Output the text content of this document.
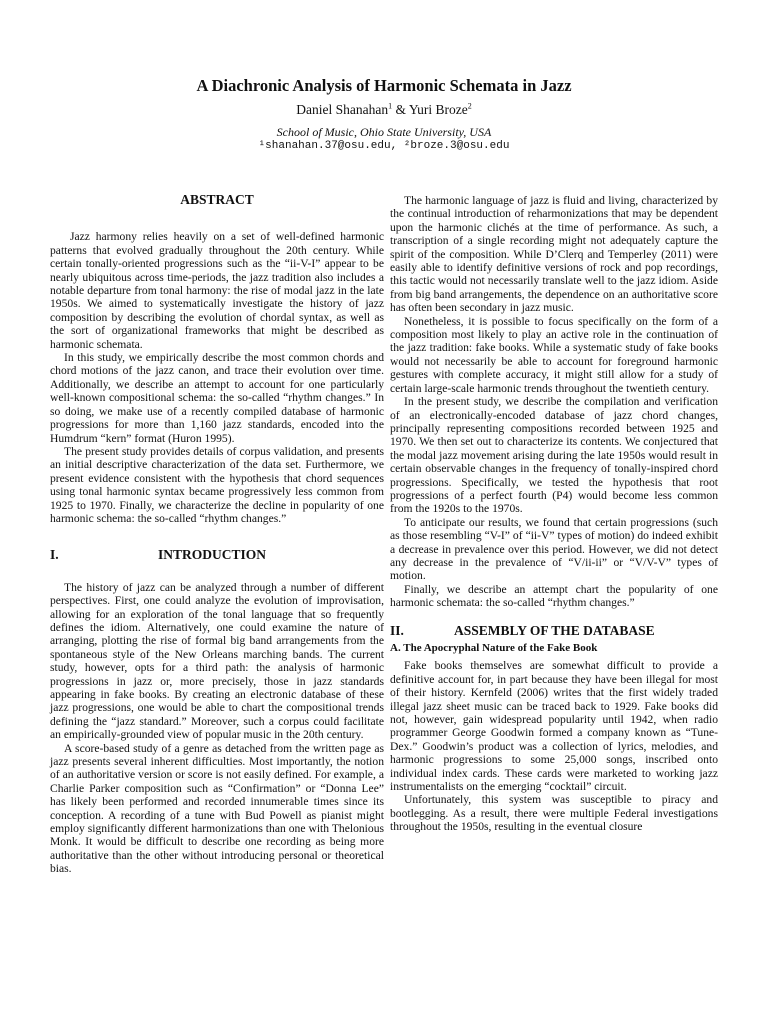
A Diachronic Analysis of Harmonic Schemata in Jazz
Daniel Shanahan$^1$ & Yuri Broze$^2$
School of Music, Ohio State University, USA
¹shanahan.37@osu.edu, ²broze.3@osu.edu
ABSTRACT

Jazz harmony relies heavily on a set of well-defined harmonic patterns that evolved gradually throughout the 20th century. While certain tonally-oriented progressions such as the “ii-V-I” appear to be nearly ubiquitous across time-periods, the jazz tradition also includes a notable departure from tonal harmony: the rise of modal jazz in the late 1950s. We aimed to systematically investigate the history of jazz composition by describing the evolution of chordal syntax, as well as the sort of organizational frameworks that might be described as harmonic schemata.

In this study, we empirically describe the most common chords and chord motions of the jazz canon, and trace their evolution over time. Additionally, we describe an attempt to account for one particularly well-known compositional schema: the so-called “rhythm changes.” In so doing, we make use of a recently compiled database of harmonic progressions for more than 1,160 jazz standards, encoded into the Humdrum “kern” format (Huron 1995).

The present study provides details of corpus validation, and presents an initial descriptive characterization of the data set. Furthermore, we present evidence consistent with the hypothesis that chord sequences using tonal harmonic syntax became progressively less common from 1925 to 1970. Finally, we characterize the decline in popularity of one harmonic schema: the so-called “rhythm changes.”

I.	INTRODUCTION

The history of jazz can be analyzed through a number of different perspectives. First, one could analyze the evolution of improvisation, allowing for an exploration of the tonal language that so frequently defines the idiom. Alternatively, one could examine the nature of arranging, plotting the rise of formal big band arrangements from the spontaneous style of the New Orleans marching bands. The current study, however, opts for a third path: the analysis of harmonic progressions in jazz or, more precisely, those in jazz standards appearing in fake books. By creating an electronic database of these jazz progressions, one would be able to chart the compositional trends defining the “jazz standard.” Moreover, such a corpus could facilitate an empirically-grounded view of popular music in the 20th century.

A score-based study of a genre as detached from the written page as jazz presents several inherent difficulties. Most importantly, the notion of an authoritative version or score is not easily defined. For example, a Charlie Parker composition such as “Confirmation” or “Donna Lee” has likely been performed and recorded innumerable times since its conception. A recording of a tune with Bud Powell as pianist might employ significantly different harmonizations than one with Thelonious Monk. It would be difficult to describe one recording as being more authoritative than the other without introducing personal or theoretical bias.

The harmonic language of jazz is fluid and living, characterized by the continual introduction of reharmonizations that may be dependent upon the harmonic clichés at the time of performance. As such, a transcription of a single recording might not adequately capture the spirit of the composition. While D’Clerq and Temperley (2011) were easily able to identify definitive versions of rock and pop recordings, this tactic would not necessarily translate well to the jazz idiom. Aside from big band arrangements, the dependence on an authoritative score has often been secondary in jazz music.

Nonetheless, it is possible to focus specifically on the form of a composition most likely to play an active role in the continuation of the jazz tradition: fake books. While a systematic study of fake books would not necessarily be able to account for foreground harmonic gestures with complete accuracy, it might still allow for a study of certain large-scale harmonic trends throughout the twentieth century.

In the present study, we describe the compilation and verification of an electronically-encoded database of jazz chord changes, principally representing compositions recorded between 1925 and 1970. We then set out to characterize its contents. We conjectured that the modal jazz movement arising during the late 1950s would result in certain observable changes in the frequency of tonally-inspired chord progressions. Specifically, we tested the hypothesis that root progressions of a perfect fourth (P4) would become less common from the 1920s to the 1970s.

To anticipate our results, we found that certain progressions (such as those resembling “V-I” of “ii-V” types of motion) do indeed exhibit a decrease in prevalence over this period. However, we did not detect any decrease in the prevalence of “V/ii-ii” or “V/V-V” types of motion.

Finally, we describe an attempt chart the popularity of one harmonic schemata: the so-called “rhythm changes.”

II.	ASSEMBLY OF THE DATABASE
A. The Apocryphal Nature of the Fake Book

Fake books themselves are somewhat difficult to provide a definitive account for, in part because they have been illegal for most of their history. Kernfeld (2006) writes that the first widely traded illegal jazz sheet music can be traced back to 1929. Fake books did not, however, gain widespread popularity until 1942, when radio programmer George Goodwin formed a company known as “Tune-Dex.” Goodwin’s product was a collection of lyrics, melodies, and harmonic progressions to some 25,000 songs, inscribed onto individual index cards. These cards were marketed to working jazz instrumentalists on the emerging “cocktail” circuit.

Unfortunately, this system was susceptible to piracy and bootlegging. As a result, there were multiple Federal investigations throughout the 1950s, resulting in the eventual closure
